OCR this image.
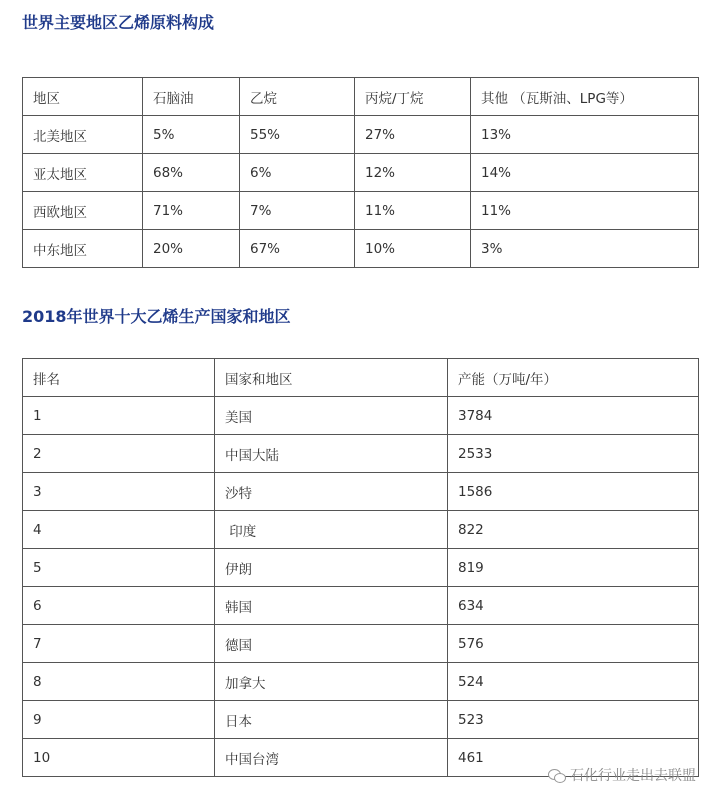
世界主要地区乙烯原料构成
地区	石脑油	乙烷	丙烷/丁烷	其他 （瓦斯油、LPG等）
北美地区	5%	55%	27%	13%
亚太地区	68%	6%	12%	14%
西欧地区	71%	7%	11%	11%
中东地区	20%	67%	10%	3%
2018年世界十大乙烯生产国家和地区
排名	国家和地区	产能（万吨/年）
1	美国	3784
2	中国大陆	2533
3	沙特	1586
4	印度	822
5	伊朗	819
6	韩国	634
7	德国	576
8	加拿大	524
9	日本	523
10	中国台湾	461
石化行业走出去联盟
